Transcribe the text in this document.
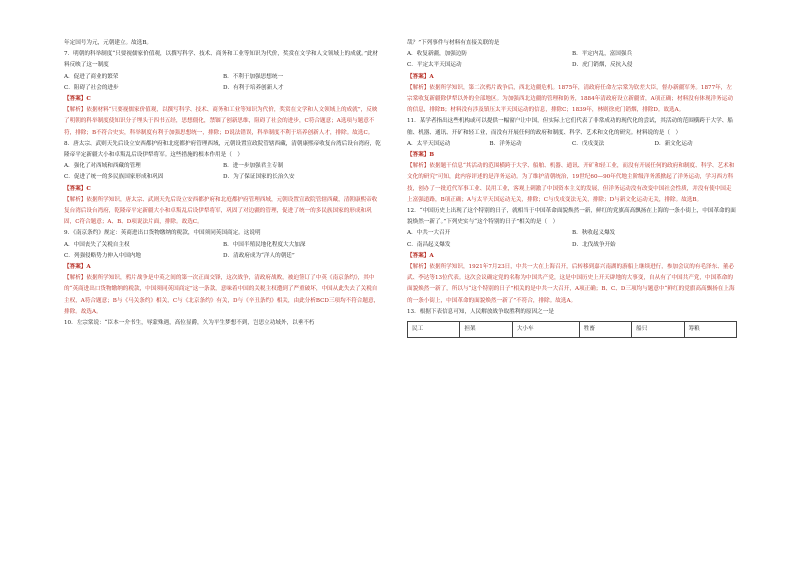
年定国号为元，元朝建立。故选B。

7．明朝的科举制度“只要视儒家价值观，以撰写科学、技术、商务和工业等知识为代价，奖赏在文学和人文领域上的成就。”此材料反映了这一制度

A．促进了商业的繁荣	B．不利于加强思想统一
C．阻碍了社会的进步	D．有利于培养创新人才

【答案】C

【解析】依据材料“只要视儒家价值观，以撰写科学、技术、商务和工业等知识为代价，奖赏在文学和人文领域上的成就”，反映了明朝的科举制度使知识分子埋头于四书五经，思想僵化，禁锢了创新思维，阻碍了社会的进步，C符合题意；A选项与题意不符，排除；B不符合史实，科举制度有利于加强思想统一，排除；D说法错误，科举制度不利于培养创新人才，排除。故选C。

8．唐太宗、武则天先后设立安西都护府和北庭都护府管理西域，元朝设置宣政院管辖西藏，清朝康熙帝收复台湾后设台湾府，乾隆帝平定新疆大小和卓叛乱后设伊犁将军。这些措施的根本作用是（　）

A．强化了对西域和西藏的管理	B．进一步加强君主专制
C．促进了统一的多民族国家形成和巩固	D．为了保证国家的长治久安

【答案】C

【解析】依据所学知识，唐太宗、武则天先后设立安西都护府和北庭都护府管理西域，元朝设置宣政院管辖西藏，清朝康熙帝收复台湾后设台湾府，乾隆帝平定新疆大小和卓叛乱后设伊犁将军，巩固了对边疆的管理，促进了统一的多民族国家的形成和巩固，C符合题意；A、B、D项说法片面，排除。故选C。

9．《南京条约》规定：英商进出口货物缴纳的税款，中国须同英国商定。这说明

A．中国丧失了关税自主权	B．中国半殖民地化程度大大加深
C．列强侵略势力伸入中国内地	D．清政府成为“洋人的朝廷”

【答案】A

【解析】依据所学知识，鸦片战争是中英之间的第一次正面交锋，这次战争，清政府战败，被迫签订了中英《南京条约》，其中的“英商进出口货物缴纳的税款，中国须同英国商定”这一条款，意味着中国的关税主权遭到了严重破坏，中国从此失去了关税自主权，A符合题意；B与《马关条约》相关，C与《北京条约》有关，D与《辛丑条约》相关，由此分析BCD三项均不符合题意，排除。故选A。

10．左宗棠说：“臣本一介书生，辱蒙殊遇，高位显爵，久为平生梦想不到，岂思立功域外，以垂不朽

哉？”下列事件与材料有直接关联的是

A．收复新疆，加强边防	B．平定内乱，富国强兵
C．平定太平天国运动	D．虎门销烟，反抗入侵

【答案】A

【解析】依据所学知识，第二次鸦片战争后，西北边疆危机。1875年，清政府任命左宗棠为钦差大臣，督办新疆军务。1877年，左宗棠收复新疆除伊犁以外的全部地区。为加强西北边疆的管理和防务，1884年清政府设立新疆省，A项正确；材料没有体现洋务运动的信息，排除B；材料没有涉及镇压太平天国运动的信息，排除C；1839年，林则徐虎门销烟，排除D。故选A。

11．某学者指出这些机构或可以提供一幅窗户让中国，但实际上它们代表了非常成功的现代化的尝试，其活动的范围横跨于大学、船舶、机器、通讯、开矿和轻工业，而没有开展任何的政府和制度、科学、艺术和文化的研究。材料说的是（　）

A．太平天国运动	B．洋务运动	C．戊戌变法	D．新文化运动

【答案】B

【解析】依据题干信息“其活动的范围横跨于大学、船舶、机器、通讯、开矿和轻工业，而没有开展任何的政府和制度、科学、艺术和文化的研究”可知，此内容评述的是洋务运动。为了维护清朝统治，19世纪60—90年代地主阶级洋务派掀起了洋务运动，学习西方科技，创办了一批近代军事工业、民用工业，客观上刺激了中国资本主义的发展，但洋务运动没有改变中国社会性质，并没有使中国走上富强道路，B项正确；A与太平天国运动无关，排除；C与戊戌变法无关，排除；D与新文化运动无关，排除。故选B。

12．“中国历史上出现了这个特别的日子，就相当于中国革命面貌焕然一新，鲜红的党旗高高飘扬在上海的一条小街上，中国革命的面貌焕然一新了。”下列史实与“这个特别的日子”相关的是（　）

A．中共一大召开	B．秋收起义爆发
C．南昌起义爆发	D．北伐战争开始

【答案】A

【解析】依据所学知识，1921年7月23日，中共一大在上海召开，后转移到嘉兴南湖的游船上继续进行，参加会议的有毛泽东、董必武、李达等13位代表。这次会议确定党的名称为中国共产党，这是中国历史上开天辟地的大事变，自从有了中国共产党，中国革命的面貌焕然一新了，所以与“这个特别的日子”相关的是中共一大召开，A项正确；B、C、D三项均与题意中“鲜红的党旗高高飘扬在上海的一条小街上，中国革命的面貌焕然一新了”不符合，排除。故选A。

13．根据下表信息可知，人民解放战争取胜利的原因之一是

民工	担架	大小车	牲畜	船只	筹粮
